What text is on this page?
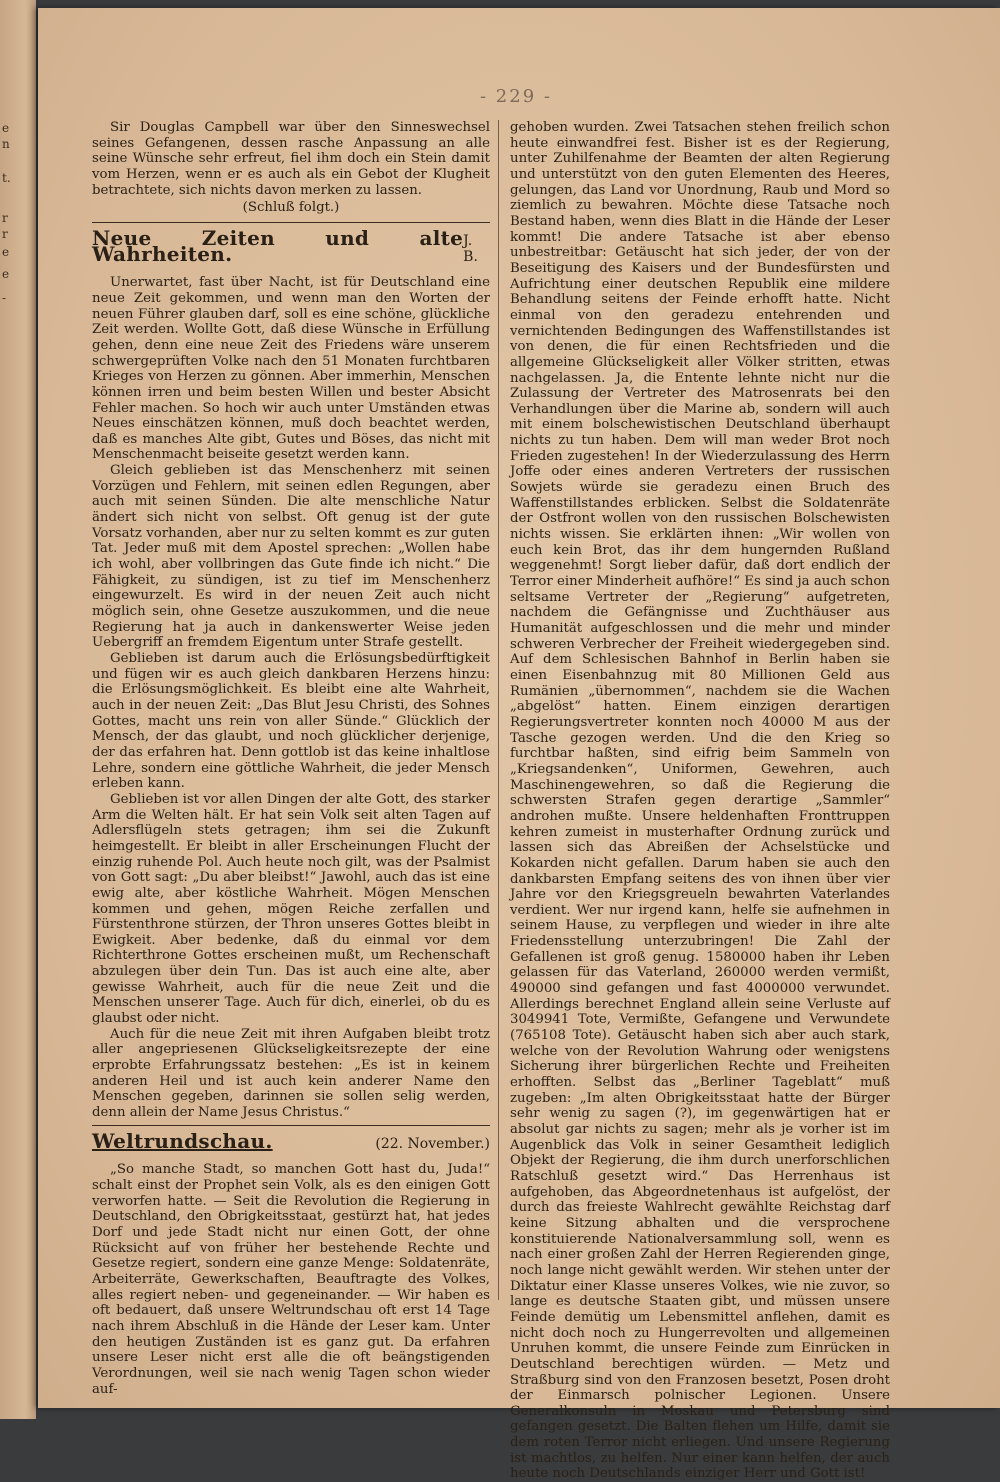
e
n
r
t.
r
e
e
-
- 229 -

Sir Douglas Campbell war über den Sinneswechsel seines Gefangenen, dessen rasche Anpassung an alle seine Wünsche sehr erfreut, fiel ihm doch ein Stein damit vom Herzen, wenn er es auch als ein Gebot der Klugheit betrachtete, sich nichts davon merken zu lassen.

(Schluß folgt.)

Neue Zeiten und alte Wahrheiten.
J. B.

Unerwartet, fast über Nacht, ist für Deutschland eine neue Zeit gekommen, und wenn man den Worten der neuen Führer glauben darf, soll es eine schöne, glückliche Zeit werden. Wollte Gott, daß diese Wünsche in Erfüllung gehen, denn eine neue Zeit des Friedens wäre unserem schwergeprüften Volke nach den 51 Monaten furchtbaren Krieges von Herzen zu gönnen. Aber immerhin, Menschen können irren und beim besten Willen und bester Absicht Fehler machen. So hoch wir auch unter Umständen etwas Neues einschätzen können, muß doch beachtet werden, daß es manches Alte gibt, Gutes und Böses, das nicht mit Menschenmacht beiseite gesetzt werden kann.

Gleich geblieben ist das Menschenherz mit seinen Vorzügen und Fehlern, mit seinen edlen Regungen, aber auch mit seinen Sünden. Die alte menschliche Natur ändert sich nicht von selbst. Oft genug ist der gute Vorsatz vorhanden, aber nur zu selten kommt es zur guten Tat. Jeder muß mit dem Apostel sprechen: „Wollen habe ich wohl, aber vollbringen das Gute finde ich nicht.“ Die Fähigkeit, zu sündigen, ist zu tief im Menschenherz eingewurzelt. Es wird in der neuen Zeit auch nicht möglich sein, ohne Gesetze auszukommen, und die neue Regierung hat ja auch in dankenswerter Weise jeden Uebergriff an fremdem Eigentum unter Strafe gestellt.

Geblieben ist darum auch die Erlösungsbedürftigkeit und fügen wir es auch gleich dankbaren Herzens hinzu: die Erlösungsmöglichkeit. Es bleibt eine alte Wahrheit, auch in der neuen Zeit: „Das Blut Jesu Christi, des Sohnes Gottes, macht uns rein von aller Sünde.“ Glücklich der Mensch, der das glaubt, und noch glücklicher derjenige, der das erfahren hat. Denn gottlob ist das keine inhaltlose Lehre, sondern eine göttliche Wahrheit, die jeder Mensch erleben kann.

Geblieben ist vor allen Dingen der alte Gott, des starker Arm die Welten hält. Er hat sein Volk seit alten Tagen auf Adlersflügeln stets getragen; ihm sei die Zukunft heimgestellt. Er bleibt in aller Erscheinungen Flucht der einzig ruhende Pol. Auch heute noch gilt, was der Psalmist von Gott sagt: „Du aber bleibst!“ Jawohl, auch das ist eine ewig alte, aber köstliche Wahrheit. Mögen Menschen kommen und gehen, mögen Reiche zerfallen und Fürstenthrone stürzen, der Thron unseres Gottes bleibt in Ewigkeit. Aber bedenke, daß du einmal vor dem Richterthrone Gottes erscheinen mußt, um Rechenschaft abzulegen über dein Tun. Das ist auch eine alte, aber gewisse Wahrheit, auch für die neue Zeit und die Menschen unserer Tage. Auch für dich, einerlei, ob du es glaubst oder nicht.

Auch für die neue Zeit mit ihren Aufgaben bleibt trotz aller angepriesenen Glückseligkeitsrezepte der eine erprobte Erfahrungssatz bestehen: „Es ist in keinem anderen Heil und ist auch kein anderer Name den Menschen gegeben, darinnen sie sollen selig werden, denn allein der Name Jesus Christus.“

Weltrundschau.	(22. November.)

„So manche Stadt, so manchen Gott hast du, Juda!“ schalt einst der Prophet sein Volk, als es den einigen Gott verworfen hatte. — Seit die Revolution die Regierung in Deutschland, den Obrigkeitsstaat, gestürzt hat, hat jedes Dorf und jede Stadt nicht nur einen Gott, der ohne Rücksicht auf von früher her bestehende Rechte und Gesetze regiert, sondern eine ganze Menge: Soldatenräte, Arbeiterräte, Gewerkschaften, Beauftragte des Volkes, alles regiert neben- und gegeneinander. — Wir haben es oft bedauert, daß unsere Weltrundschau oft erst 14 Tage nach ihrem Abschluß in die Hände der Leser kam. Unter den heutigen Zuständen ist es ganz gut. Da erfahren unsere Leser nicht erst alle die oft beängstigenden Verordnungen, weil sie nach wenig Tagen schon wieder auf-

gehoben wurden. Zwei Tatsachen stehen freilich schon heute einwandfrei fest. Bisher ist es der Regierung, unter Zuhilfenahme der Beamten der alten Regierung und unterstützt von den guten Elementen des Heeres, gelungen, das Land vor Unordnung, Raub und Mord so ziemlich zu bewahren. Möchte diese Tatsache noch Bestand haben, wenn dies Blatt in die Hände der Leser kommt! Die andere Tatsache ist aber ebenso unbestreitbar: Getäuscht hat sich jeder, der von der Beseitigung des Kaisers und der Bundesfürsten und Aufrichtung einer deutschen Republik eine mildere Behandlung seitens der Feinde erhofft hatte. Nicht einmal von den geradezu entehrenden und vernichtenden Bedingungen des Waffenstillstandes ist von denen, die für einen Rechtsfrieden und die allgemeine Glückseligkeit aller Völker stritten, etwas nachgelassen. Ja, die Entente lehnte nicht nur die Zulassung der Vertreter des Matrosenrats bei den Verhandlungen über die Marine ab, sondern will auch mit einem bolschewistischen Deutschland überhaupt nichts zu tun haben. Dem will man weder Brot noch Frieden zugestehen! In der Wiederzulassung des Herrn Joffe oder eines anderen Vertreters der russischen Sowjets würde sie geradezu einen Bruch des Waffenstillstandes erblicken. Selbst die Soldatenräte der Ostfront wollen von den russischen Bolschewisten nichts wissen. Sie erklärten ihnen: „Wir wollen von euch kein Brot, das ihr dem hungernden Rußland weggenehmt! Sorgt lieber dafür, daß dort endlich der Terror einer Minderheit aufhöre!“ Es sind ja auch schon seltsame Vertreter der „Regierung“ aufgetreten, nachdem die Gefängnisse und Zuchthäuser aus Humanität aufgeschlossen und die mehr und minder schweren Verbrecher der Freiheit wiedergegeben sind. Auf dem Schlesischen Bahnhof in Berlin haben sie einen Eisenbahnzug mit 80 Millionen Geld aus Rumänien „übernommen“, nachdem sie die Wachen „abgelöst“ hatten. Einem einzigen derartigen Regierungsvertreter konnten noch 40000 M aus der Tasche gezogen werden. Und die den Krieg so furchtbar haßten, sind eifrig beim Sammeln von „Kriegsandenken“, Uniformen, Gewehren, auch Maschinengewehren, so daß die Regierung die schwersten Strafen gegen derartige „Sammler“ androhen mußte. Unsere heldenhaften Fronttruppen kehren zumeist in musterhafter Ordnung zurück und lassen sich das Abreißen der Achselstücke und Kokarden nicht gefallen. Darum haben sie auch den dankbarsten Empfang seitens des von ihnen über vier Jahre vor den Kriegsgreueln bewahrten Vaterlandes verdient. Wer nur irgend kann, helfe sie aufnehmen in seinem Hause, zu verpflegen und wieder in ihre alte Friedensstellung unterzubringen! Die Zahl der Gefallenen ist groß genug. 1580000 haben ihr Leben gelassen für das Vaterland, 260000 werden vermißt, 490000 sind gefangen und fast 4000000 verwundet. Allerdings berechnet England allein seine Verluste auf 3049941 Tote, Vermißte, Gefangene und Verwundete (765108 Tote). Getäuscht haben sich aber auch stark, welche von der Revolution Wahrung oder wenigstens Sicherung ihrer bürgerlichen Rechte und Freiheiten erhofften. Selbst das „Berliner Tageblatt“ muß zugeben: „Im alten Obrigkeitsstaat hatte der Bürger sehr wenig zu sagen (?), im gegenwärtigen hat er absolut gar nichts zu sagen; mehr als je vorher ist im Augenblick das Volk in seiner Gesamtheit lediglich Objekt der Regierung, die ihm durch unerforschlichen Ratschluß gesetzt wird.“ Das Herrenhaus ist aufgehoben, das Abgeordnetenhaus ist aufgelöst, der durch das freieste Wahlrecht gewählte Reichstag darf keine Sitzung abhalten und die versprochene konstituierende Nationalversammlung soll, wenn es nach einer großen Zahl der Herren Regierenden ginge, noch lange nicht gewählt werden. Wir stehen unter der Diktatur einer Klasse unseres Volkes, wie nie zuvor, so lange es deutsche Staaten gibt, und müssen unsere Feinde demütig um Lebensmittel anflehen, damit es nicht doch noch zu Hungerrevolten und allgemeinen Unruhen kommt, die unsere Feinde zum Einrücken in Deutschland berechtigen würden. — Metz und Straßburg sind von den Franzosen besetzt, Posen droht der Einmarsch polnischer Legionen. Unsere Generalkonsuln in Moskau und Petersburg sind gefangen gesetzt. Die Balten flehen um Hilfe, damit sie dem roten Terror nicht erliegen. Und unsere Regierung ist machtlos, zu helfen. Nur einer kann helfen, der auch heute noch Deutschlands einziger Herr und Gott ist!
